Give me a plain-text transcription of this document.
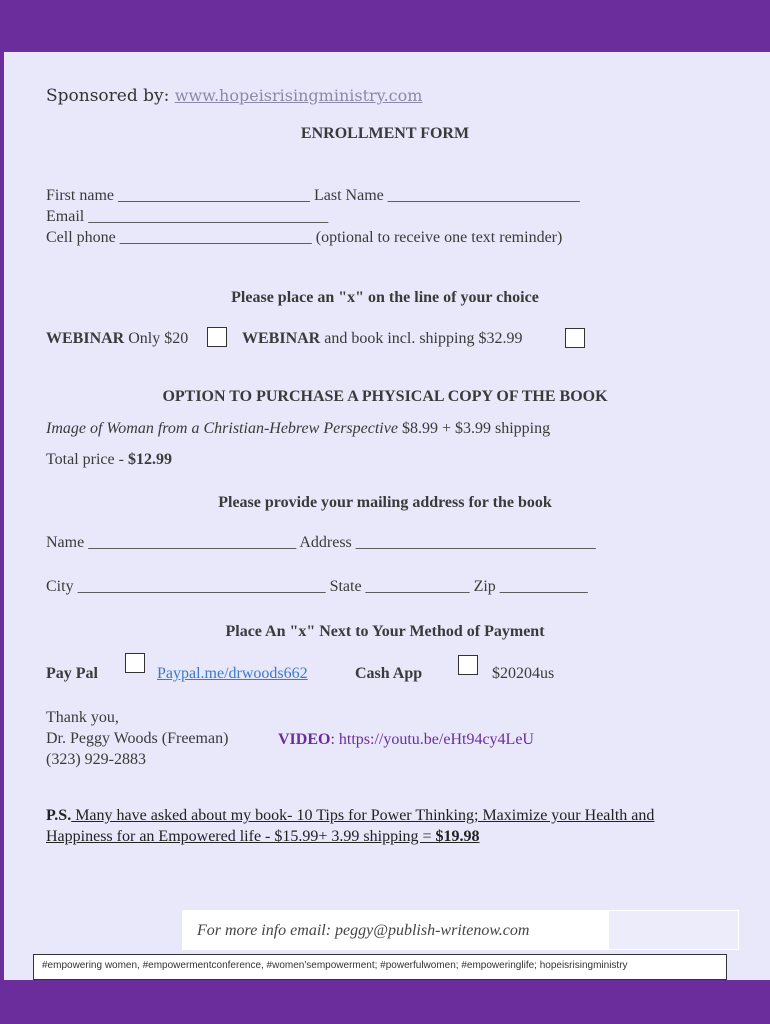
Sponsored by: www.hopeisrisingministry.com
ENROLLMENT FORM
First name ________________________ Last Name ________________________
Email ______________________________
Cell phone ________________________ (optional to receive one text reminder)
Please place an "x" on the line of your choice
WEBINAR Only $20	WEBINAR and book incl. shipping $32.99
OPTION TO PURCHASE A PHYSICAL COPY OF THE BOOK
Image of Woman from a Christian-Hebrew Perspective $8.99 + $3.99 shipping
Total price - $12.99
Please provide your mailing address for the book
Name __________________________ Address ______________________________
City _______________________________ State _____________ Zip ___________
Place An "x" Next to Your Method of Payment
Pay Pal	Paypal.me/drwoods662	Cash App	$20204us
Thank you,
Dr. Peggy Woods (Freeman)
(323) 929-2883
VIDEO: https://youtu.be/eHt94cy4LeU
P.S. Many have asked about my book- 10 Tips for Power Thinking; Maximize your Health and
Happiness for an Empowered life - $15.99+ 3.99 shipping = $19.98
For more info email: peggy@publish-writenow.com
#empowering women, #empowermentconference, #women'sempowerment; #powerfulwomen; #empoweringlife; hopeisrisingministry
